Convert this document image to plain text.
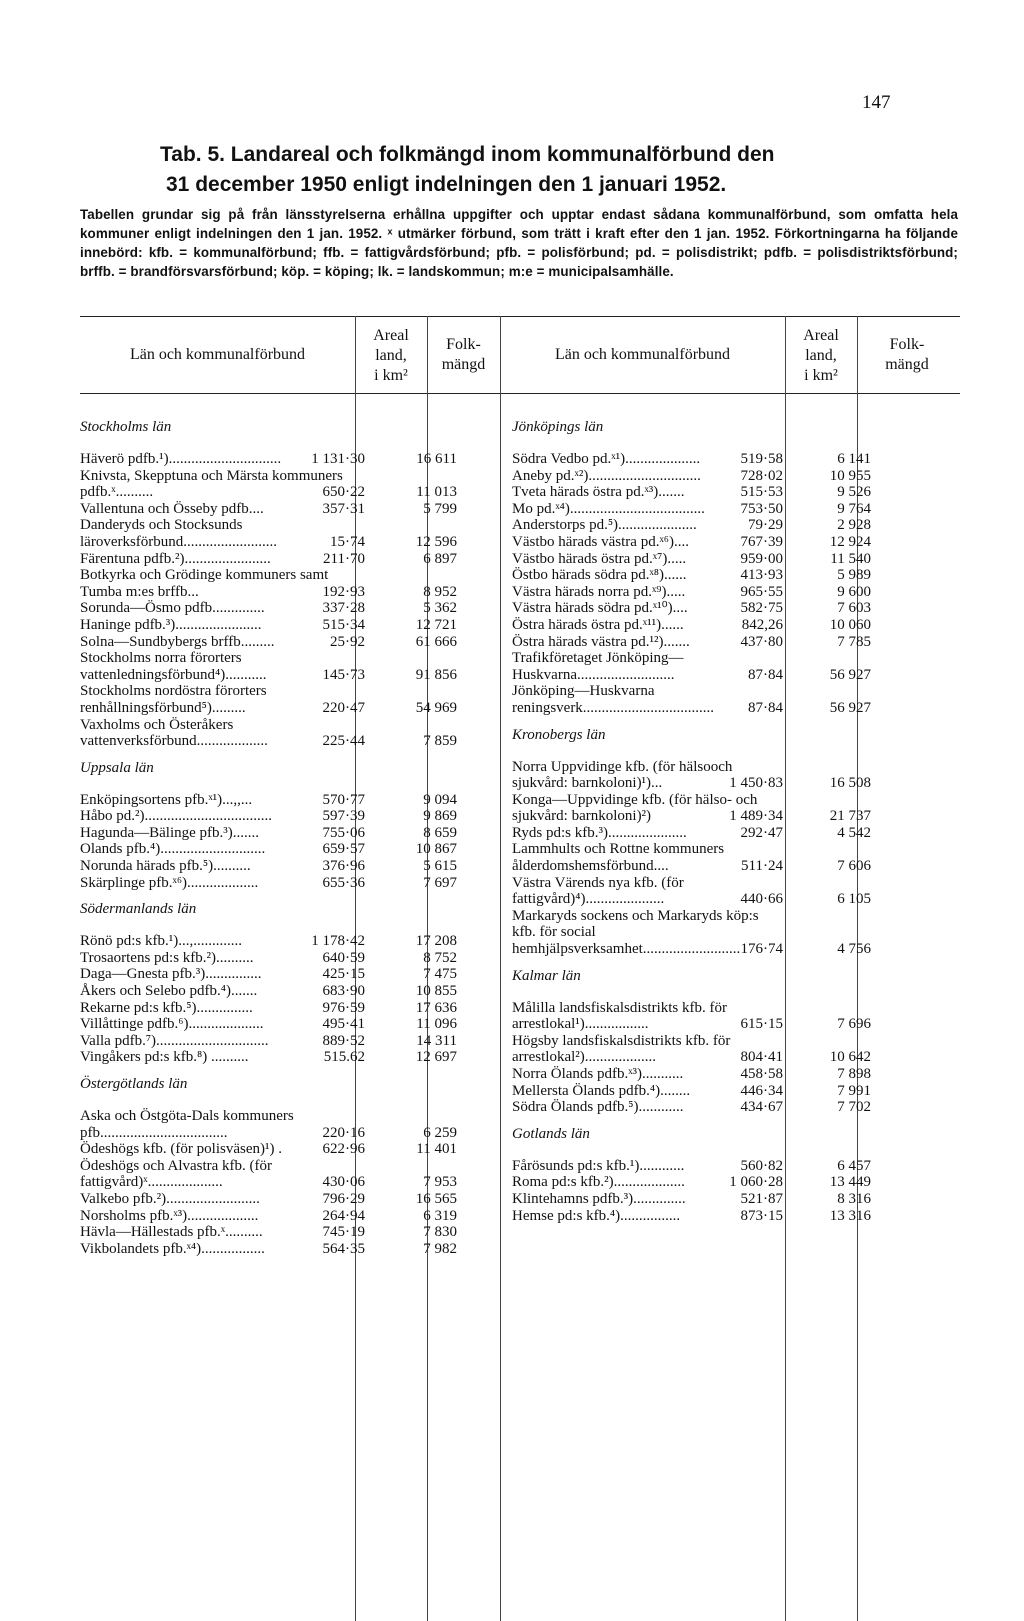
147
Tab. 5. Landareal och folkmängd inom kommunalförbund den
31 december 1950 enligt indelningen den 1 januari 1952.
Tabellen grundar sig på från länsstyrelserna erhållna uppgifter och upptar endast sådana kommunalförbund, som omfatta hela kommuner enligt indelningen den 1 jan. 1952. ˣ utmärker förbund, som trätt i kraft efter den 1 jan. 1952. Förkortningarna ha följande innebörd: kfb. = kommunalförbund; ffb. = fattigvårdsförbund; pfb. = polisförbund; pd. = polisdistrikt; pdfb. = polisdistriktsförbund; brffb. = brandförsvarsförbund; köp. = köping; lk. = landskommun; m:e = municipalsamhälle.
Län och kommunalförbund
Areal
land,
i km²
Folk-
mängd
Län och kommunalförbund
Areal
land,
i km²
Folk-
mängd
Stockholms län
Häverö pdfb.¹)..............................	1 131·30	16 611
Knivsta, Skepptuna och Märsta kommuners pdfb.ˣ..........	650·22	11 013
Vallentuna och Össeby pdfb....	357·31	5 799
Danderyds och Stocksunds läroverksförbund.........................	15·74	12 596
Färentuna pdfb.²).......................	211·70	6 897
Botkyrka och Grödinge kommuners samt Tumba m:es brffb...	192·93	8 952
Sorunda—Ösmo pdfb..............	337·28	5 362
Haninge pdfb.³).......................	515·34	12 721
Solna—Sundbybergs brffb.........	25·92	61 666
Stockholms norra förorters vattenledningsförbund⁴)...........	145·73	91 856
Stockholms nordöstra förorters renhållningsförbund⁵).........	220·47	54 969
Vaxholms och Österåkers vattenverksförbund...................	225·44	7 859
Uppsala län
Enköpingsortens pfb.ˣ¹)...,,...	570·77	9 094
Håbo pd.²)..................................	597·39	9 869
Hagunda—Bälinge pfb.³).......	755·06	8 659
Olands pfb.⁴)............................	659·57	10 867
Norunda härads pfb.⁵)..........	376·96	5 615
Skärplinge pfb.ˣ⁶)...................	655·36	7 697
Södermanlands län
Rönö pd:s kfb.¹)...,.............	1 178·42	17 208
Trosaortens pd:s kfb.²)..........	640·59	8 752
Daga—Gnesta pfb.³)...............	425·15	7 475
Åkers och Selebo pdfb.⁴).......	683·90	10 855
Rekarne pd:s kfb.⁵)...............	976·59	17 636
Villåttinge pdfb.⁶)....................	495·41	11 096
Valla pdfb.⁷)..............................	889·52	14 311
Vingåkers pd:s kfb.⁸) ..........	515.62	12 697
Östergötlands län
Aska och Östgöta-Dals kommuners pfb..................................	220·16	6 259
Ödeshögs kfb. (för polisväsen)¹) .	622·96	11 401
Ödeshögs och Alvastra kfb. (för fattigvård)ˣ....................	430·06	7 953
Valkebo pfb.²).........................	796·29	16 565
Norsholms pfb.ˣ³)...................	264·94	6 319
Hävla—Hällestads pfb.ˣ..........	745·19	7 830
Vikbolandets pfb.ˣ⁴).................	564·35	7 982
Jönköpings län
Södra Vedbo pd.ˣ¹)....................	519·58	6 141
Aneby pd.ˣ²)..............................	728·02	10 955
Tveta härads östra pd.ˣ³).......	515·53	9 526
Mo pd.ˣ⁴)....................................	753·50	9 764
Anderstorps pd.⁵).....................	79·29	2 928
Västbo härads västra pd.ˣ⁶)....	767·39	12 924
Västbo härads östra pd.ˣ⁷).....	959·00	11 540
Östbo härads södra pd.ˣ⁸)......	413·93	5 989
Västra härads norra pd.ˣ⁹).....	965·55	9 600
Västra härads södra pd.ˣ¹⁰)....	582·75	7 603
Östra härads östra pd.ˣ¹¹)......	842,26	10 060
Östra härads västra pd.¹²).......	437·80	7 785
Trafikföretaget Jönköping—Huskvarna..........................	87·84	56 927
Jönköping—Huskvarna reningsverk...................................	87·84	56 927
Kronobergs län
Norra Uppvidinge kfb. (för hälsooch sjukvård: barnkoloni)¹)...	1 450·83	16 508
Konga—Uppvidinge kfb. (för hälso- och sjukvård: barnkoloni)²)	1 489·34	21 737
Ryds pd:s kfb.³).....................	292·47	4 542
Lammhults och Rottne kommuners ålderdomshemsförbund....	511·24	7 606
Västra Värends nya kfb. (för fattigvård)⁴).....................	440·66	6 105
Markaryds sockens och Markaryds köp:s kfb. för social hemhjälpsverksamhet.......................... 176·74	4 756
Kalmar län
Målilla landsfiskalsdistrikts kfb. för arrestlokal¹).................	615·15	7 696
Högsby landsfiskalsdistrikts kfb. för arrestlokal²)...................	804·41	10 642
Norra Ölands pdfb.ˣ³)...........	458·58	7 898
Mellersta Ölands pdfb.⁴)........	446·34	7 991
Södra Ölands pdfb.⁵)............	434·67	7 702
Gotlands län
Fårösunds pd:s kfb.¹)............	560·82	6 457
Roma pd:s kfb.²)...................	1 060·28	13 449
Klintehamns pdfb.³)..............	521·87	8 316
Hemse pd:s kfb.⁴)................	873·15	13 316
